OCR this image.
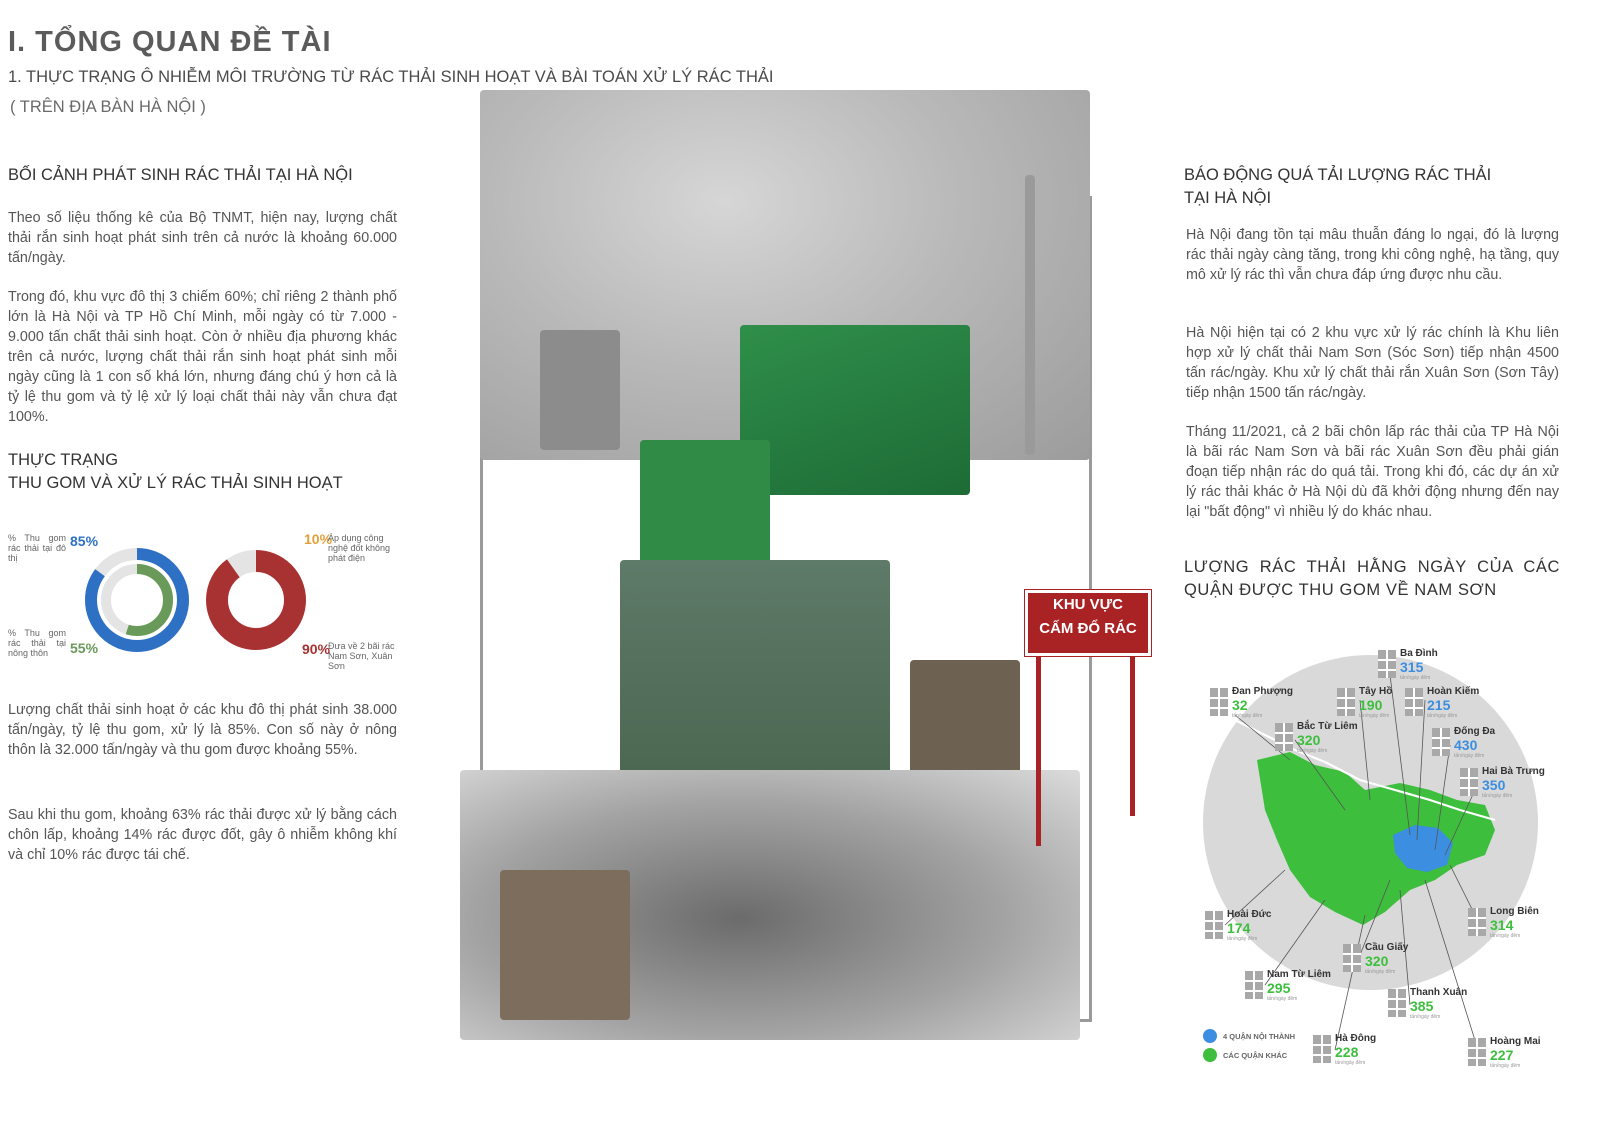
I. TỔNG QUAN ĐỀ TÀI
1. THỰC TRẠNG Ô NHIỄM MÔI TRƯỜNG TỪ RÁC THẢI SINH HOẠT VÀ BÀI TOÁN XỬ LÝ RÁC THẢI
( TRÊN ĐỊA BÀN HÀ NỘI )
BỐI CẢNH PHÁT SINH RÁC THẢI TẠI HÀ NỘI
Theo số liệu thống kê của Bộ TNMT, hiện nay, lượng chất thải rắn sinh hoạt phát sinh trên cả nước là khoảng 60.000 tấn/ngày.
Trong đó, khu vực đô thị 3 chiếm 60%; chỉ riêng 2 thành phố lớn là Hà Nội và TP Hồ Chí Minh, mỗi ngày có từ 7.000 - 9.000 tấn chất thải sinh hoạt. Còn ở nhiều địa phương khác trên cả nước, lượng chất thải rắn sinh hoạt phát sinh mỗi ngày cũng là 1 con số khá lớn, nhưng đáng chú ý hơn cả là tỷ lệ thu gom và tỷ lệ xử lý loại chất thải này vẫn chưa đạt 100%.
THỰC TRẠNG
THU GOM VÀ XỬ LÝ RÁC THẢI SINH HOẠT
% Thu gom rác thải tại đô thị
85%
% Thu gom rác thải tại nông thôn	55%
10%
Áp dụng công nghệ đốt không phát điện
90%
Đưa về 2 bãi rác Nam Sơn, Xuân Sơn
Lượng chất thải sinh hoạt ở các khu đô thị phát sinh 38.000 tấn/ngày, tỷ lệ thu gom, xử lý là 85%. Con số này ở nông thôn là 32.000 tấn/ngày và thu gom được khoảng 55%.
Sau khi thu gom, khoảng 63% rác thải được xử lý bằng cách chôn lấp, khoảng 14% rác được đốt, gây ô nhiễm không khí và chỉ 10% rác được tái chế.
KHU VỰC
CẤM ĐỔ RÁC
BÁO ĐỘNG QUÁ TẢI LƯỢNG RÁC THẢI
TẠI HÀ NỘI
Hà Nội đang tồn tại mâu thuẫn đáng lo ngại, đó là lượng rác thải ngày càng tăng, trong khi công nghệ, hạ tầng, quy mô xử lý rác thì vẫn chưa đáp ứng được nhu cầu.
Hà Nội hiện tại có 2 khu vực xử lý rác chính là Khu liên hợp xử lý chất thải Nam Sơn (Sóc Sơn) tiếp nhận 4500 tấn rác/ngày. Khu xử lý chất thải rắn Xuân Sơn (Sơn Tây) tiếp nhận 1500 tấn rác/ngày.
Tháng 11/2021, cả 2 bãi chôn lấp rác thải của TP Hà Nội là bãi rác Nam Sơn và bãi rác Xuân Sơn đều phải gián đoạn tiếp nhận rác do quá tải. Trong khi đó, các dự án xử lý rác thải khác ở Hà Nội dù đã khởi động nhưng đến nay lại "bất động" vì nhiều lý do khác nhau.
LƯỢNG RÁC THẢI HẰNG NGÀY CỦA CÁC QUẬN ĐƯỢC THU GOM VỀ NAM SƠN
Ba Đình
315
tấn/ngày đêm
Đan Phượng
32
tấn/ngày đêm
Tây Hồ
190
tấn/ngày đêm
Hoàn Kiếm
215
tấn/ngày đêm
Bắc Từ Liêm
320
tấn/ngày đêm
Đống Đa
430
tấn/ngày đêm
Hai Bà Trưng
350
tấn/ngày đêm
Long Biên
314
tấn/ngày đêm
Hoài Đức
174
tấn/ngày đêm
Cầu Giấy
320
tấn/ngày đêm
Nam Từ Liêm
295
tấn/ngày đêm
Thanh Xuân
385
tấn/ngày đêm
Hà Đông
228
tấn/ngày đêm
Hoàng Mai
227
tấn/ngày đêm
4 QUẬN NỘI THÀNH
CÁC QUẬN KHÁC
